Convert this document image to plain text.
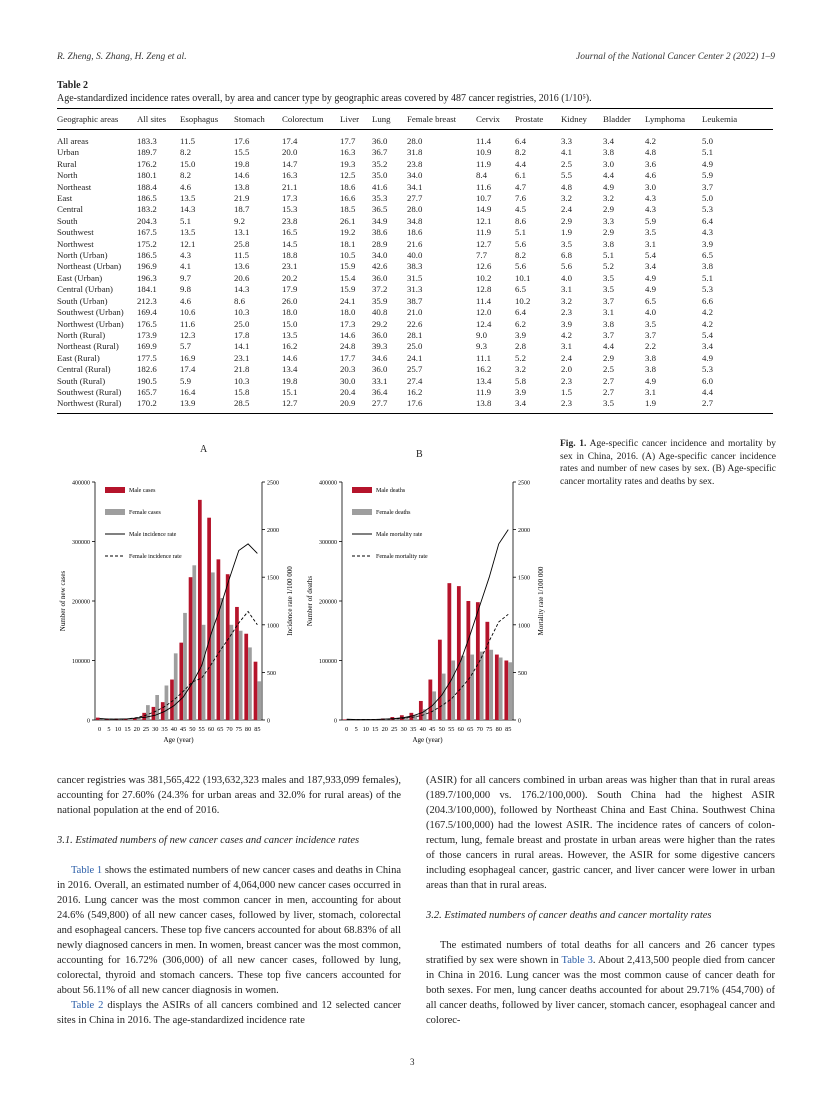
R. Zheng, S. Zhang, H. Zeng et al.	Journal of the National Cancer Center 2 (2022) 1–9
Table 2
Age-standardized incidence rates overall, by area and cancer type by geographic areas covered by 487 cancer registries, 2016 (1/10⁵).
Geographic areas	All sites	Esophagus	Stomach	Colorectum	Liver	Lung	Female breast	Cervix	Prostate	Kidney	Bladder	Lymphoma	Leukemia
All areas	183.3	11.5	17.6	17.4	17.7	36.0	28.0	11.4	6.4	3.3	3.4	4.2	5.0
Urban	189.7	8.2	15.5	20.0	16.3	36.7	31.8	10.9	8.2	4.1	3.8	4.8	5.1
Rural	176.2	15.0	19.8	14.7	19.3	35.2	23.8	11.9	4.4	2.5	3.0	3.6	4.9
North	180.1	8.2	14.6	16.3	12.5	35.0	34.0	8.4	6.1	5.5	4.4	4.6	5.9
Northeast	188.4	4.6	13.8	21.1	18.6	41.6	34.1	11.6	4.7	4.8	4.9	3.0	3.7
East	186.5	13.5	21.9	17.3	16.6	35.3	27.7	10.7	7.6	3.2	3.2	4.3	5.0
Central	183.2	14.3	18.7	15.3	18.5	36.5	28.0	14.9	4.5	2.4	2.9	4.3	5.3
South	204.3	5.1	9.2	23.8	26.1	34.9	34.8	12.1	8.6	2.9	3.3	5.9	6.4
Southwest	167.5	13.5	13.1	16.5	19.2	38.6	18.6	11.9	5.1	1.9	2.9	3.5	4.3
Northwest	175.2	12.1	25.8	14.5	18.1	28.9	21.6	12.7	5.6	3.5	3.8	3.1	3.9
North (Urban)	186.5	4.3	11.5	18.8	10.5	34.0	40.0	7.7	8.2	6.8	5.1	5.4	6.5
Northeast (Urban)	196.9	4.1	13.6	23.1	15.9	42.6	38.3	12.6	5.6	5.6	5.2	3.4	3.8
East (Urban)	196.3	9.7	20.6	20.2	15.4	36.0	31.5	10.2	10.1	4.0	3.5	4.9	5.1
Central (Urban)	184.1	9.8	14.3	17.9	15.9	37.2	31.3	12.8	6.5	3.1	3.5	4.9	5.3
South (Urban)	212.3	4.6	8.6	26.0	24.1	35.9	38.7	11.4	10.2	3.2	3.7	6.5	6.6
Southwest (Urban)	169.4	10.6	10.3	18.0	18.0	40.8	21.0	12.0	6.4	2.3	3.1	4.0	4.2
Northwest (Urban)	176.5	11.6	25.0	15.0	17.3	29.2	22.6	12.4	6.2	3.9	3.8	3.5	4.2
North (Rural)	173.9	12.3	17.8	13.5	14.6	36.0	28.1	9.0	3.9	4.2	3.7	3.7	5.4
Northeast (Rural)	169.9	5.7	14.1	16.2	24.8	39.3	25.0	9.3	2.8	3.1	4.4	2.2	3.4
East (Rural)	177.5	16.9	23.1	14.6	17.7	34.6	24.1	11.1	5.2	2.4	2.9	3.8	4.9
Central (Rural)	182.6	17.4	21.8	13.4	20.3	36.0	25.7	16.2	3.2	2.0	2.5	3.8	5.3
South (Rural)	190.5	5.9	10.3	19.8	30.0	33.1	27.4	13.4	5.8	2.3	2.7	4.9	6.0
Southwest (Rural)	165.7	16.4	15.8	15.1	20.4	36.4	16.2	11.9	3.9	1.5	2.7	3.1	4.4
Northwest (Rural)	170.2	13.9	28.5	12.7	20.9	27.7	17.6	13.8	3.4	2.3	3.5	1.9	2.7
A	B
0
100000
200000
300000
400000
0
500
1000
1500
2000
2500
0 5 10 15 20 25 30 35 40 45 50 55 60 65 70 75 80 85
Age (year)
Number of new cases	Incidence rate 1/100 000
Male cases
Female cases
Male incidence rate
Female incidence rate
0
100000
200000
300000
400000
0
500
1000
1500
2000
2500
0 5 10 15 20 25 30 35 40 45 50 55 60 65 70 75 80 85
Age (year)
Number of deaths	Mortality rate 1/100 000
Male deaths
Female deaths
Male mortality rate
Female mortality rate
Fig. 1. Age-specific cancer incidence and mortality by sex in China, 2016. (A) Age-specific cancer incidence rates and number of new cases by sex. (B) Age-specific cancer mortality rates and deaths by sex.

cancer registries was 381,565,422 (193,632,323 males and 187,933,099 females), accounting for 27.60% (24.3% for urban areas and 32.0% for rural areas) of the national population at the end of 2016.

3.1. Estimated numbers of new cancer cases and cancer incidence rates

Table 1 shows the estimated numbers of new cancer cases and deaths in China in 2016. Overall, an estimated number of 4,064,000 new cancer cases occurred in 2016. Lung cancer was the most common cancer in men, accounting for about 24.6% (549,800) of all new cancer cases, followed by liver, stomach, colorectal and esophageal cancers. These top five cancers accounted for about 68.83% of all newly diagnosed cancers in men. In women, breast cancer was the most common, accounting for 16.72% (306,000) of all new cancer cases, followed by lung, colorectal, thyroid and stomach cancers. These top five cancers accounted for about 56.11% of all new cancer diagnosis in women.

Table 2 displays the ASIRs of all cancers combined and 12 selected cancer sites in China in 2016. The age-standardized incidence rate

(ASIR) for all cancers combined in urban areas was higher than that in rural areas (189.7/100,000 vs. 176.2/100,000). South China had the highest ASIR (204.3/100,000), followed by Northeast China and East China. Southwest China (167.5/100,000) had the lowest ASIR. The incidence rates of cancers of colon-rectum, lung, female breast and prostate in urban areas were higher than the rates of those cancers in rural areas. However, the ASIR for some digestive cancers including esophageal cancer, gastric cancer, and liver cancer were lower in urban areas than that in rural areas.

3.2. Estimated numbers of cancer deaths and cancer mortality rates

The estimated numbers of total deaths for all cancers and 26 cancer types stratified by sex were shown in Table 3. About 2,413,500 people died from cancer in China in 2016. Lung cancer was the most common cause of cancer death for both sexes. For men, lung cancer deaths accounted for about 29.71% (454,700) of all cancer deaths, followed by liver cancer, stomach cancer, esophageal cancer and colorec-

3
